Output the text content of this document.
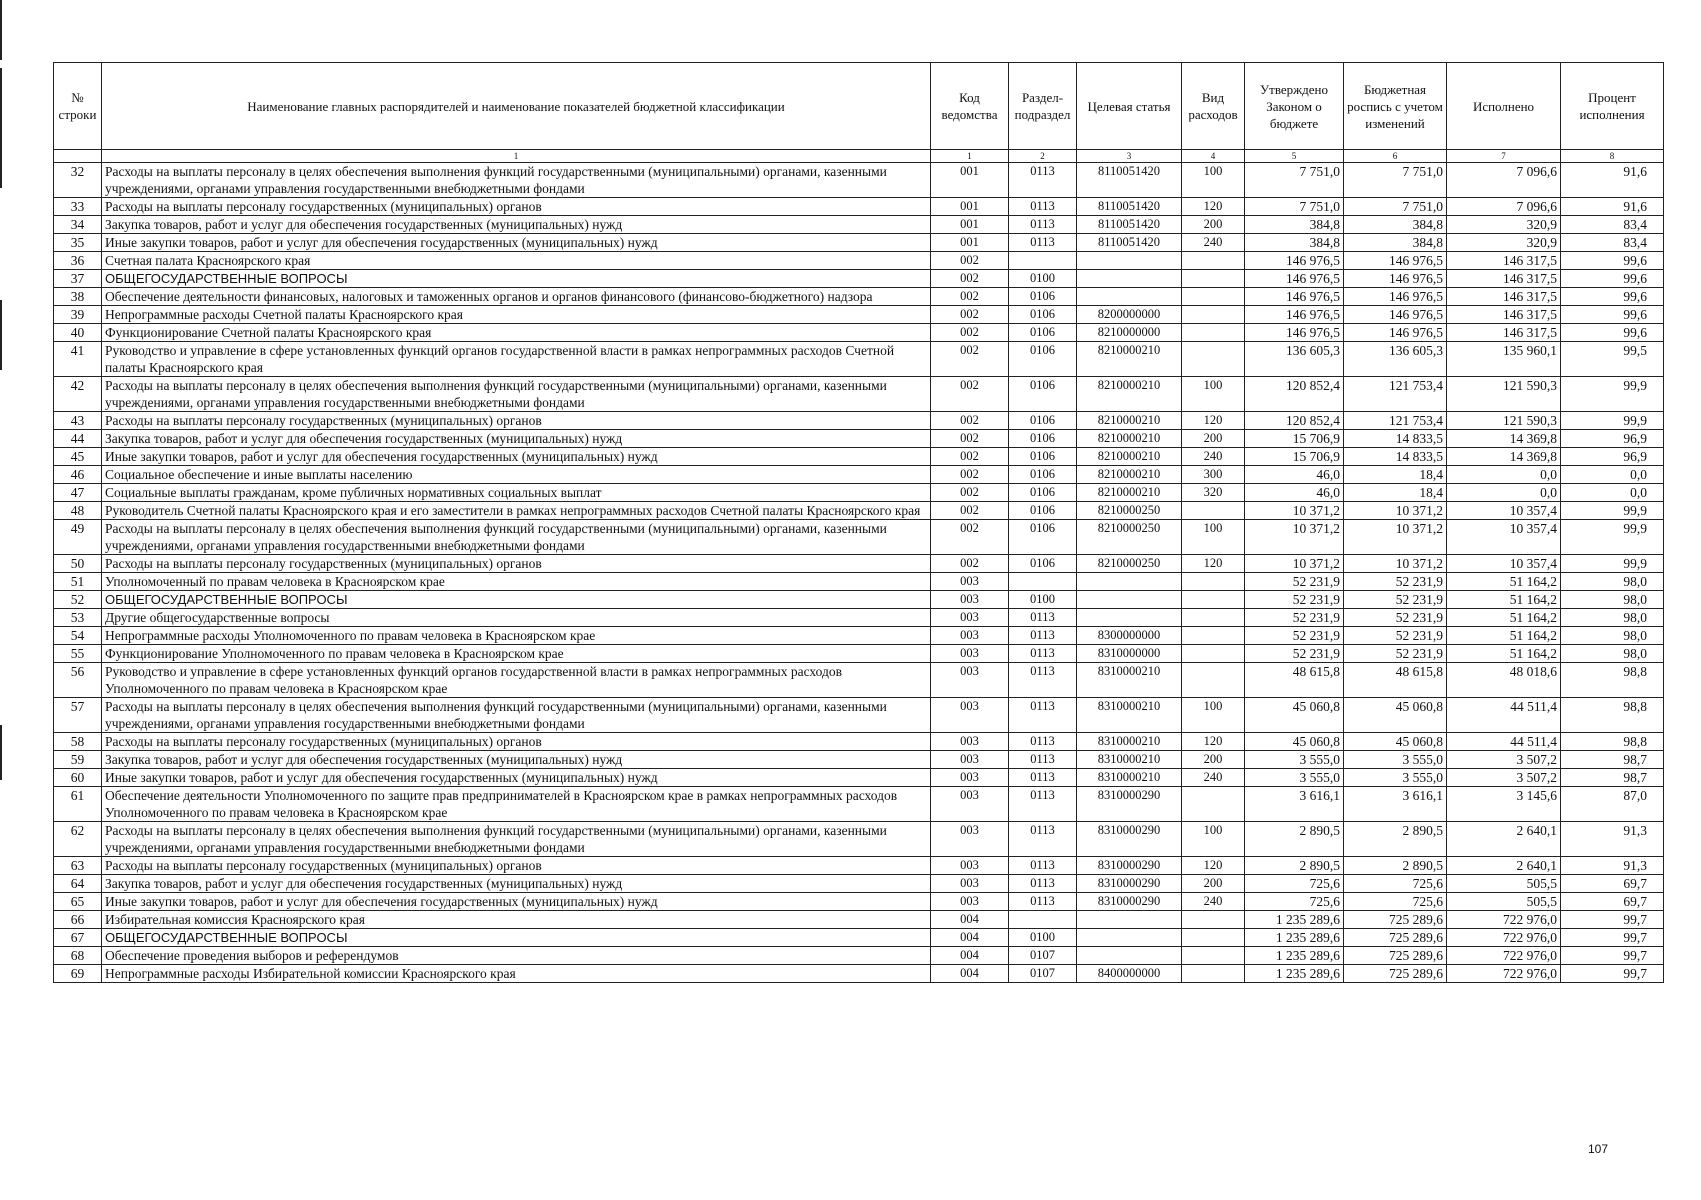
№ строки	Наименование главных распорядителей и наименование показателей бюджетной классификации	Код ведомства	Раздел-подраздел	Целевая статья	Вид расходов	Утверждено Законом о бюджете	Бюджетная роспись с учетом изменений	Исполнено	Процент исполнения
	1	1	2	3	4	5	6	7	8
32	Расходы на выплаты персоналу в целях обеспечения выполнения функций государственными (муниципальными) органами, казенными учреждениями, органами управления государственными внебюджетными фондами	001	0113	8110051420	100	7 751,0	7 751,0	7 096,6	91,6
33	Расходы на выплаты персоналу государственных (муниципальных) органов	001	0113	8110051420	120	7 751,0	7 751,0	7 096,6	91,6
34	Закупка товаров, работ и услуг для обеспечения государственных (муниципальных) нужд	001	0113	8110051420	200	384,8	384,8	320,9	83,4
35	Иные закупки товаров, работ и услуг для обеспечения государственных (муниципальных) нужд	001	0113	8110051420	240	384,8	384,8	320,9	83,4
36	Счетная палата Красноярского края	002				146 976,5	146 976,5	146 317,5	99,6
37	ОБЩЕГОСУДАРСТВЕННЫЕ ВОПРОСЫ	002	0100			146 976,5	146 976,5	146 317,5	99,6
38	Обеспечение деятельности финансовых, налоговых и таможенных органов и органов финансового (финансово-бюджетного) надзора	002	0106			146 976,5	146 976,5	146 317,5	99,6
39	Непрограммные расходы Счетной палаты Красноярского края	002	0106	8200000000		146 976,5	146 976,5	146 317,5	99,6
40	Функционирование Счетной палаты Красноярского края	002	0106	8210000000		146 976,5	146 976,5	146 317,5	99,6
41	Руководство и управление в сфере установленных функций органов государственной власти в рамках непрограммных расходов Счетной палаты Красноярского края	002	0106	8210000210		136 605,3	136 605,3	135 960,1	99,5
42	Расходы на выплаты персоналу в целях обеспечения выполнения функций государственными (муниципальными) органами, казенными учреждениями, органами управления государственными внебюджетными фондами	002	0106	8210000210	100	120 852,4	121 753,4	121 590,3	99,9
43	Расходы на выплаты персоналу государственных (муниципальных) органов	002	0106	8210000210	120	120 852,4	121 753,4	121 590,3	99,9
44	Закупка товаров, работ и услуг для обеспечения государственных (муниципальных) нужд	002	0106	8210000210	200	15 706,9	14 833,5	14 369,8	96,9
45	Иные закупки товаров, работ и услуг для обеспечения государственных (муниципальных) нужд	002	0106	8210000210	240	15 706,9	14 833,5	14 369,8	96,9
46	Социальное обеспечение и иные выплаты населению	002	0106	8210000210	300	46,0	18,4	0,0	0,0
47	Социальные выплаты гражданам, кроме публичных нормативных социальных выплат	002	0106	8210000210	320	46,0	18,4	0,0	0,0
48	Руководитель Счетной палаты Красноярского края и его заместители в рамках непрограммных расходов Счетной палаты Красноярского края	002	0106	8210000250		10 371,2	10 371,2	10 357,4	99,9
49	Расходы на выплаты персоналу в целях обеспечения выполнения функций государственными (муниципальными) органами, казенными учреждениями, органами управления государственными внебюджетными фондами	002	0106	8210000250	100	10 371,2	10 371,2	10 357,4	99,9
50	Расходы на выплаты персоналу государственных (муниципальных) органов	002	0106	8210000250	120	10 371,2	10 371,2	10 357,4	99,9
51	Уполномоченный по правам человека в Красноярском крае	003				52 231,9	52 231,9	51 164,2	98,0
52	ОБЩЕГОСУДАРСТВЕННЫЕ ВОПРОСЫ	003	0100			52 231,9	52 231,9	51 164,2	98,0
53	Другие общегосударственные вопросы	003	0113			52 231,9	52 231,9	51 164,2	98,0
54	Непрограммные расходы Уполномоченного по правам человека в Красноярском крае	003	0113	8300000000		52 231,9	52 231,9	51 164,2	98,0
55	Функционирование Уполномоченного по правам человека в Красноярском крае	003	0113	8310000000		52 231,9	52 231,9	51 164,2	98,0
56	Руководство и управление в сфере установленных функций органов государственной власти в рамках непрограммных расходов Уполномоченного по правам человека в Красноярском крае	003	0113	8310000210		48 615,8	48 615,8	48 018,6	98,8
57	Расходы на выплаты персоналу в целях обеспечения выполнения функций государственными (муниципальными) органами, казенными учреждениями, органами управления государственными внебюджетными фондами	003	0113	8310000210	100	45 060,8	45 060,8	44 511,4	98,8
58	Расходы на выплаты персоналу государственных (муниципальных) органов	003	0113	8310000210	120	45 060,8	45 060,8	44 511,4	98,8
59	Закупка товаров, работ и услуг для обеспечения государственных (муниципальных) нужд	003	0113	8310000210	200	3 555,0	3 555,0	3 507,2	98,7
60	Иные закупки товаров, работ и услуг для обеспечения государственных (муниципальных) нужд	003	0113	8310000210	240	3 555,0	3 555,0	3 507,2	98,7
61	Обеспечение деятельности Уполномоченного по защите прав предпринимателей в Красноярском крае в рамках непрограммных расходов Уполномоченного по правам человека в Красноярском крае	003	0113	8310000290		3 616,1	3 616,1	3 145,6	87,0
62	Расходы на выплаты персоналу в целях обеспечения выполнения функций государственными (муниципальными) органами, казенными учреждениями, органами управления государственными внебюджетными фондами	003	0113	8310000290	100	2 890,5	2 890,5	2 640,1	91,3
63	Расходы на выплаты персоналу государственных (муниципальных) органов	003	0113	8310000290	120	2 890,5	2 890,5	2 640,1	91,3
64	Закупка товаров, работ и услуг для обеспечения государственных (муниципальных) нужд	003	0113	8310000290	200	725,6	725,6	505,5	69,7
65	Иные закупки товаров, работ и услуг для обеспечения государственных (муниципальных) нужд	003	0113	8310000290	240	725,6	725,6	505,5	69,7
66	Избирательная комиссия Красноярского края	004				1 235 289,6	725 289,6	722 976,0	99,7
67	ОБЩЕГОСУДАРСТВЕННЫЕ ВОПРОСЫ	004	0100			1 235 289,6	725 289,6	722 976,0	99,7
68	Обеспечение проведения выборов и референдумов	004	0107			1 235 289,6	725 289,6	722 976,0	99,7
69	Непрограммные расходы Избирательной комиссии Красноярского края	004	0107	8400000000		1 235 289,6	725 289,6	722 976,0	99,7
107
